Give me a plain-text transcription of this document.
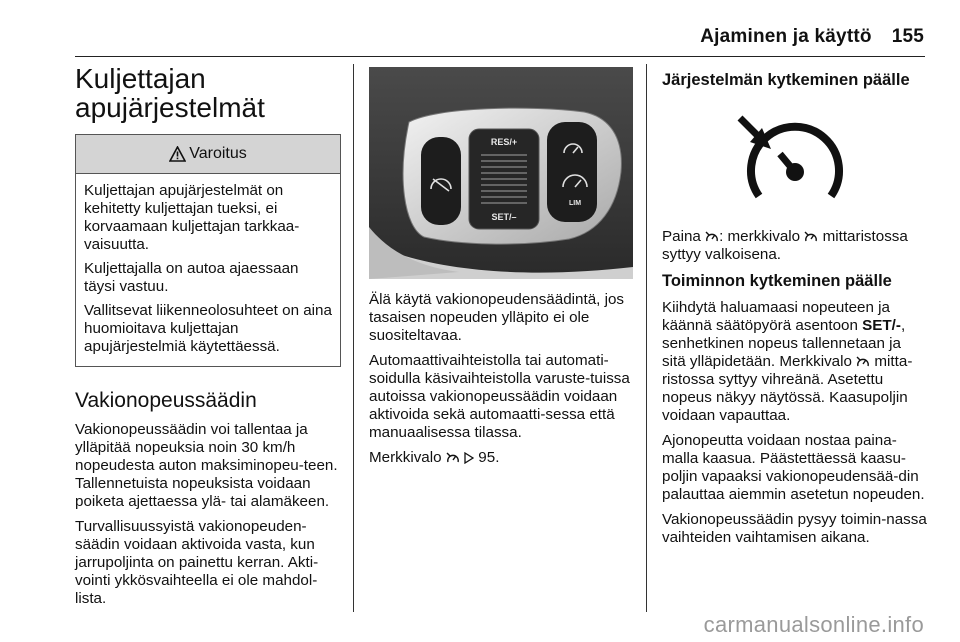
Ajaminen ja käyttö 155
Kuljettajan
apujärjestelmät
Varoitus

Kuljettajan apujärjestelmät on kehitetty kuljettajan tueksi, ei korvaamaan kuljettajan tarkkaa-vaisuutta.

Kuljettajalla on autoa ajaessaan täysi vastuu.

Vallitsevat liikenneolosuhteet on aina huomioitava kuljettajan apujärjestelmiä käytettäessä.

Vakionopeussäädin

Vakionopeussäädin voi tallentaa ja ylläpitää nopeuksia noin 30 km/h nopeudesta auton maksiminopeu-teen. Tallennetuista nopeuksista voidaan poiketa ajettaessa ylä- tai alamäkeen.

Turvallisuussyistä vakionopeuden-säädin voidaan aktivoida vasta, kun jarrupoljinta on painettu kerran. Akti-vointi ykkösvaihteella ei ole mahdol-lista.

RES/+
SET/–
LIM

Älä käytä vakionopeudensäädintä, jos tasaisen nopeuden ylläpito ei ole suositeltavaa.

Automaattivaihteistolla tai automati-soidulla käsivaihteistolla varuste-tuissa autoissa vakionopeussäädin voidaan aktivoida sekä automaatti-sessa että manuaalisessa tilassa.

Merkkivalo 95.

Järjestelmän kytkeminen päälle

Paina : merkkivalo mittaristossa syttyy valkoisena.

Toiminnon kytkeminen päälle

Kiihdytä haluamaasi nopeuteen ja käännä säätöpyörä asentoon SET/-, senhetkinen nopeus tallennetaan ja sitä ylläpidetään. Merkkivalo mitta-ristossa syttyy vihreänä. Asetettu nopeus näkyy näytössä. Kaasupoljin voidaan vapauttaa.

Ajonopeutta voidaan nostaa paina-malla kaasua. Päästettäessä kaasu-poljin vapaaksi vakionopeudensää-din palauttaa aiemmin asetetun nopeuden.

Vakionopeussäädin pysyy toimin-nassa vaihteiden vaihtamisen aikana.

carmanualsonline.info
